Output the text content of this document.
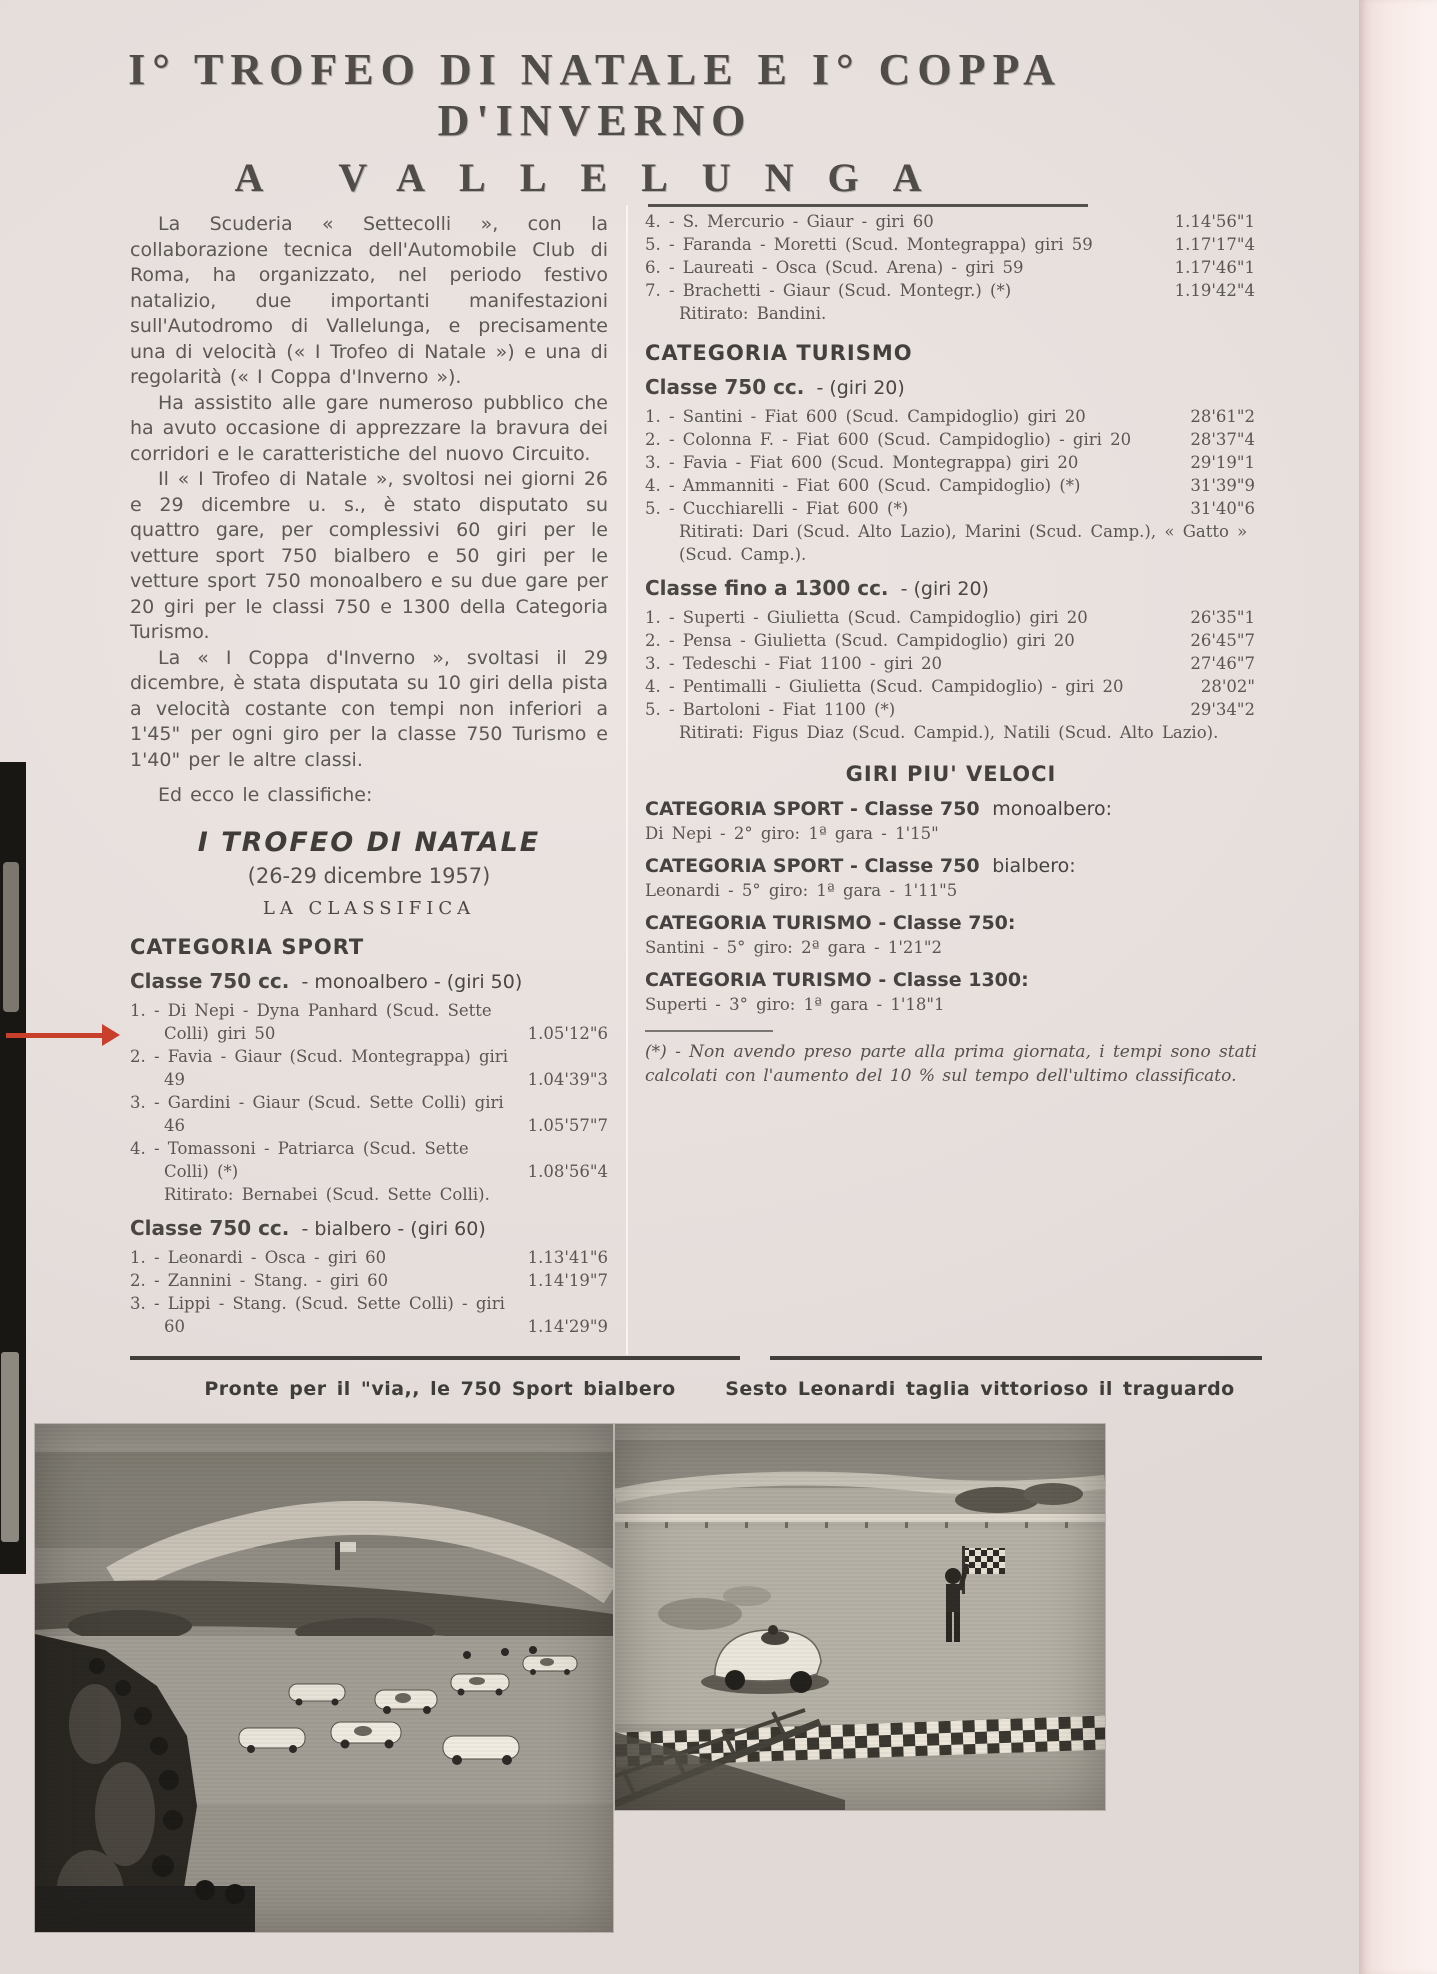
I° TROFEO DI NATALE E I° COPPA D'INVERNO
A VALLELUNGA

La Scuderia « Settecolli », con la collaborazione tecnica dell'Automobile Club di Roma, ha organizzato, nel periodo festivo natalizio, due importanti manifestazioni sull'Autodromo di Vallelunga, e precisamente una di velocità (« I Trofeo di Natale ») e una di regolarità (« I Coppa d'Inverno »).

Ha assistito alle gare numeroso pubblico che ha avuto occasione di apprezzare la bravura dei corridori e le caratteristiche del nuovo Circuito.

Il « I Trofeo di Natale », svoltosi nei giorni 26 e 29 dicembre u. s., è stato disputato su quattro gare, per complessivi 60 giri per le vetture sport 750 bialbero e 50 giri per le vetture sport 750 monoalbero e su due gare per 20 giri per le classi 750 e 1300 della Categoria Turismo.

La « I Coppa d'Inverno », svoltasi il 29 dicembre, è stata disputata su 10 giri della pista a velocità costante con tempi non inferiori a 1'45" per ogni giro per la classe 750 Turismo e 1'40" per le altre classi.

Ed ecco le classifiche:

I TROFEO DI NATALE
(26-29 dicembre 1957)
LA CLASSIFICA
CATEGORIA SPORT
Classe 750 cc. - monoalbero - (giri 50)
1. - Di Nepi - Dyna Panhard (Scud. Sette Colli) giri 50	1.05'12"6
2. - Favia - Giaur (Scud. Montegrappa) giri 49	1.04'39"3
3. - Gardini - Giaur (Scud. Sette Colli) giri 46	1.05'57"7
4. - Tomassoni - Patriarca (Scud. Sette Colli) (*)	1.08'56"4
Ritirato: Bernabei (Scud. Sette Colli).
Classe 750 cc. - bialbero - (giri 60)
1. - Leonardi - Osca - giri 60	1.13'41"6
2. - Zannini - Stang. - giri 60	1.14'19"7
3. - Lippi - Stang. (Scud. Sette Colli) - giri 60	1.14'29"9
4. - S. Mercurio - Giaur - giri 60	1.14'56"1
5. - Faranda - Moretti (Scud. Montegrappa) giri 59	1.17'17"4
6. - Laureati - Osca (Scud. Arena) - giri 59	1.17'46"1
7. - Brachetti - Giaur (Scud. Montegr.) (*)	1.19'42"4
Ritirato: Bandini.
CATEGORIA TURISMO
Classe 750 cc. - (giri 20)
1. - Santini - Fiat 600 (Scud. Campidoglio) giri 20	28'61"2
2. - Colonna F. - Fiat 600 (Scud. Campidoglio) - giri 20	28'37"4
3. - Favia - Fiat 600 (Scud. Montegrappa) giri 20	29'19"1
4. - Ammanniti - Fiat 600 (Scud. Campidoglio) (*)	31'39"9
5. - Cucchiarelli - Fiat 600 (*)	31'40"6
Ritirati: Dari (Scud. Alto Lazio), Marini (Scud. Camp.), « Gatto » (Scud. Camp.).
Classe fino a 1300 cc. - (giri 20)
1. - Superti - Giulietta (Scud. Campidoglio) giri 20	26'35"1
2. - Pensa - Giulietta (Scud. Campidoglio) giri 20	26'45"7
3. - Tedeschi - Fiat 1100 - giri 20	27'46"7
4. - Pentimalli - Giulietta (Scud. Campidoglio) - giri 20	28'02"
5. - Bartoloni - Fiat 1100 (*)	29'34"2
Ritirati: Figus Diaz (Scud. Campid.), Natili (Scud. Alto Lazio).
GIRI PIU' VELOCI
CATEGORIA SPORT - Classe 750 monoalbero:
Di Nepi - 2° giro: 1ª gara - 1'15"
CATEGORIA SPORT - Classe 750 bialbero:
Leonardi - 5° giro: 1ª gara - 1'11"5
CATEGORIA TURISMO - Classe 750:
Santini - 5° giro: 2ª gara - 1'21"2
CATEGORIA TURISMO - Classe 1300:
Superti - 3° giro: 1ª gara - 1'18"1
(*) - Non avendo preso parte alla prima giornata, i tempi sono stati calcolati con l'aumento del 10 % sul tempo dell'ultimo classificato.
Pronte per il "via,, le 750 Sport bialbero	Sesto Leonardi taglia vittorioso il traguardo
